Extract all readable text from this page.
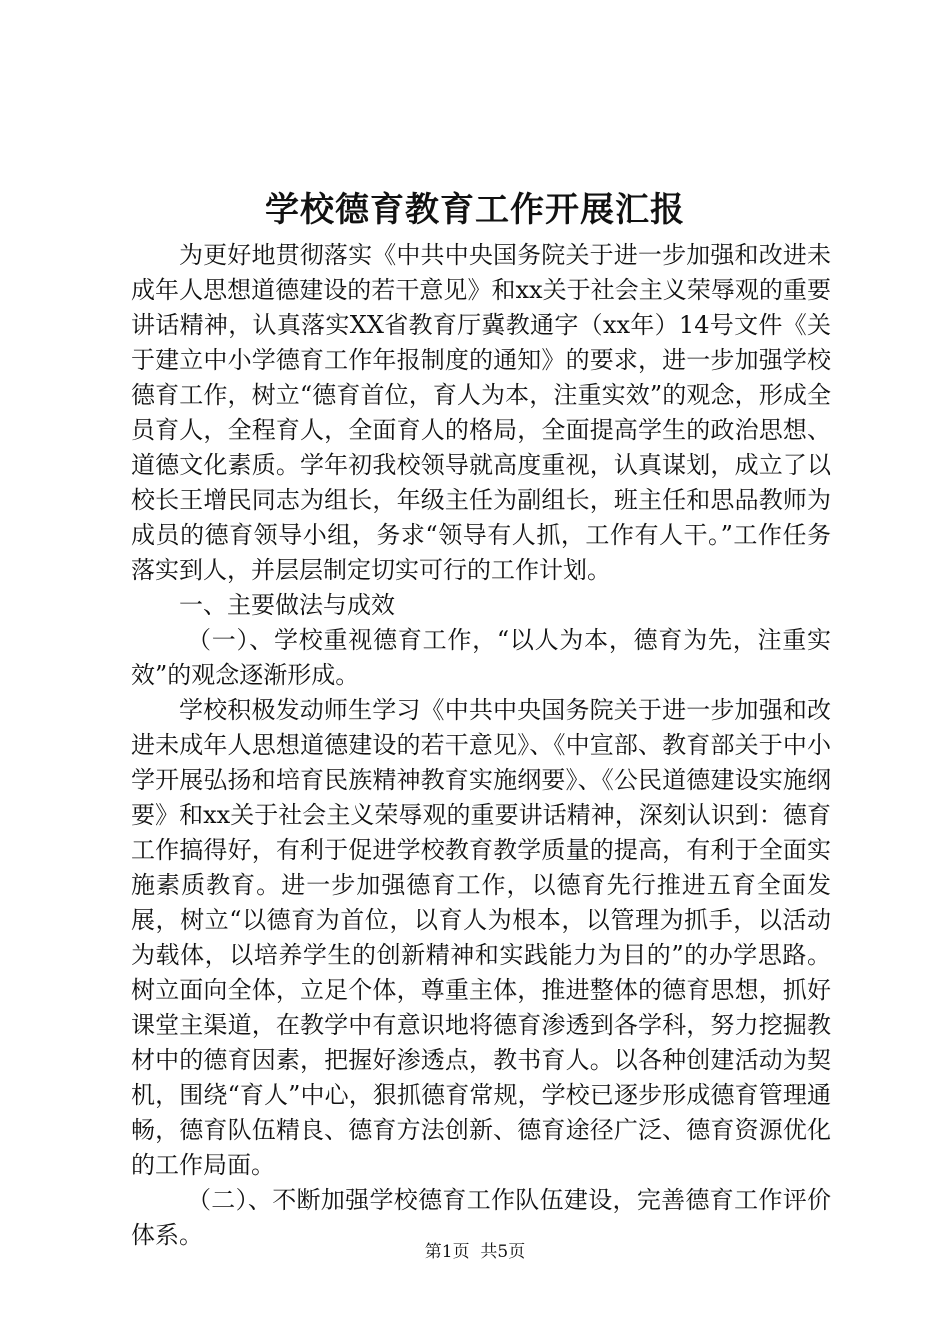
学校德育教育工作开展汇报

为更好地贯彻落实《中共中央国务院关于进一步加强和改进未成年人思想道德建设的若干意见》和xx关于社会主义荣辱观的重要讲话精神，认真落实XX省教育厅冀教通字（xx年）14号文件《关于建立中小学德育工作年报制度的通知》的要求，进一步加强学校德育工作，树立“德育首位，育人为本，注重实效”的观念，形成全员育人，全程育人，全面育人的格局，全面提高学生的政治思想、道德文化素质。学年初我校领导就高度重视，认真谋划，成立了以校长王增民同志为组长，年级主任为副组长，班主任和思品教师为成员的德育领导小组，务求“领导有人抓，工作有人干。”工作任务落实到人，并层层制定切实可行的工作计划。

一、主要做法与成效

（一）、学校重视德育工作，“以人为本，德育为先，注重实效”的观念逐渐形成。

学校积极发动师生学习《中共中央国务院关于进一步加强和改进未成年人思想道德建设的若干意见》、《中宣部、教育部关于中小学开展弘扬和培育民族精神教育实施纲要》、《公民道德建设实施纲要》和xx关于社会主义荣辱观的重要讲话精神，深刻认识到：德育工作搞得好，有利于促进学校教育教学质量的提高，有利于全面实施素质教育。进一步加强德育工作，以德育先行推进五育全面发展，树立“以德育为首位，以育人为根本，以管理为抓手，以活动为载体，以培养学生的创新精神和实践能力为目的”的办学思路。树立面向全体，立足个体，尊重主体，推进整体的德育思想，抓好课堂主渠道，在教学中有意识地将德育渗透到各学科，努力挖掘教材中的德育因素，把握好渗透点，教书育人。以各种创建活动为契机，围绕“育人”中心，狠抓德育常规，学校已逐步形成德育管理通畅，德育队伍精良、德育方法创新、德育途径广泛、德育资源优化的工作局面。

（二）、不断加强学校德育工作队伍建设，完善德育工作评价体系。

第1页  共5页
